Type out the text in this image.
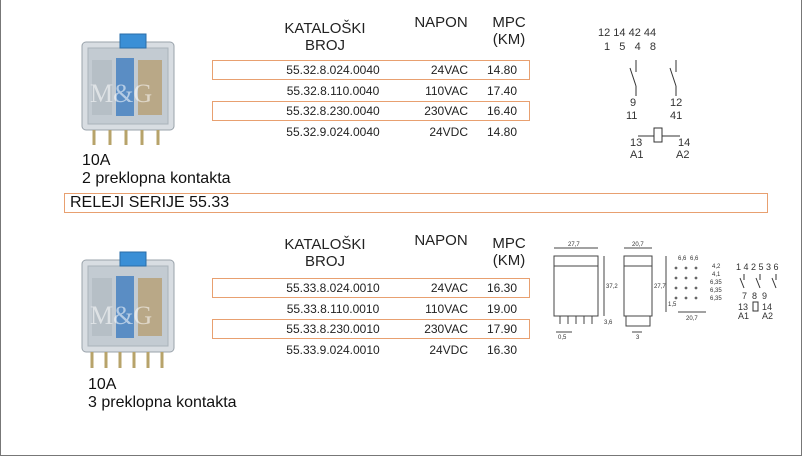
M&G
KATALOŠKI
BROJ
NAPON	MPC
(KM)
55.32.8.024.0040	24VAC	14.80
55.32.8.110.0040	110VAC	17.40
55.32.8.230.0040	230VAC	16.40
55.32.9.024.0040	24VDC	14.80
12 14 42 44
1   5   4   8
9
11
12
41
13
A1
14
A2
10A
2 preklopna kontakta
RELEJI SERIJE 55.33
M&G
KATALOŠKI
BROJ
NAPON	MPC
(KM)
55.33.8.024.0010	24VAC	16.30
55.33.8.110.0010	110VAC	19.00
55.33.8.230.0010	230VAC	17.90
55.33.9.024.0010	24VDC	16.30
27,7
37,2
0,5
3,6
20,7
3
6,6 6,6
27,7
4,2
4,1
6,35
6,35
6,35
1,5
20,7
1 4 2 5 3 6
7  8  9
13
A1
14
A2
10A
3 preklopna kontakta
